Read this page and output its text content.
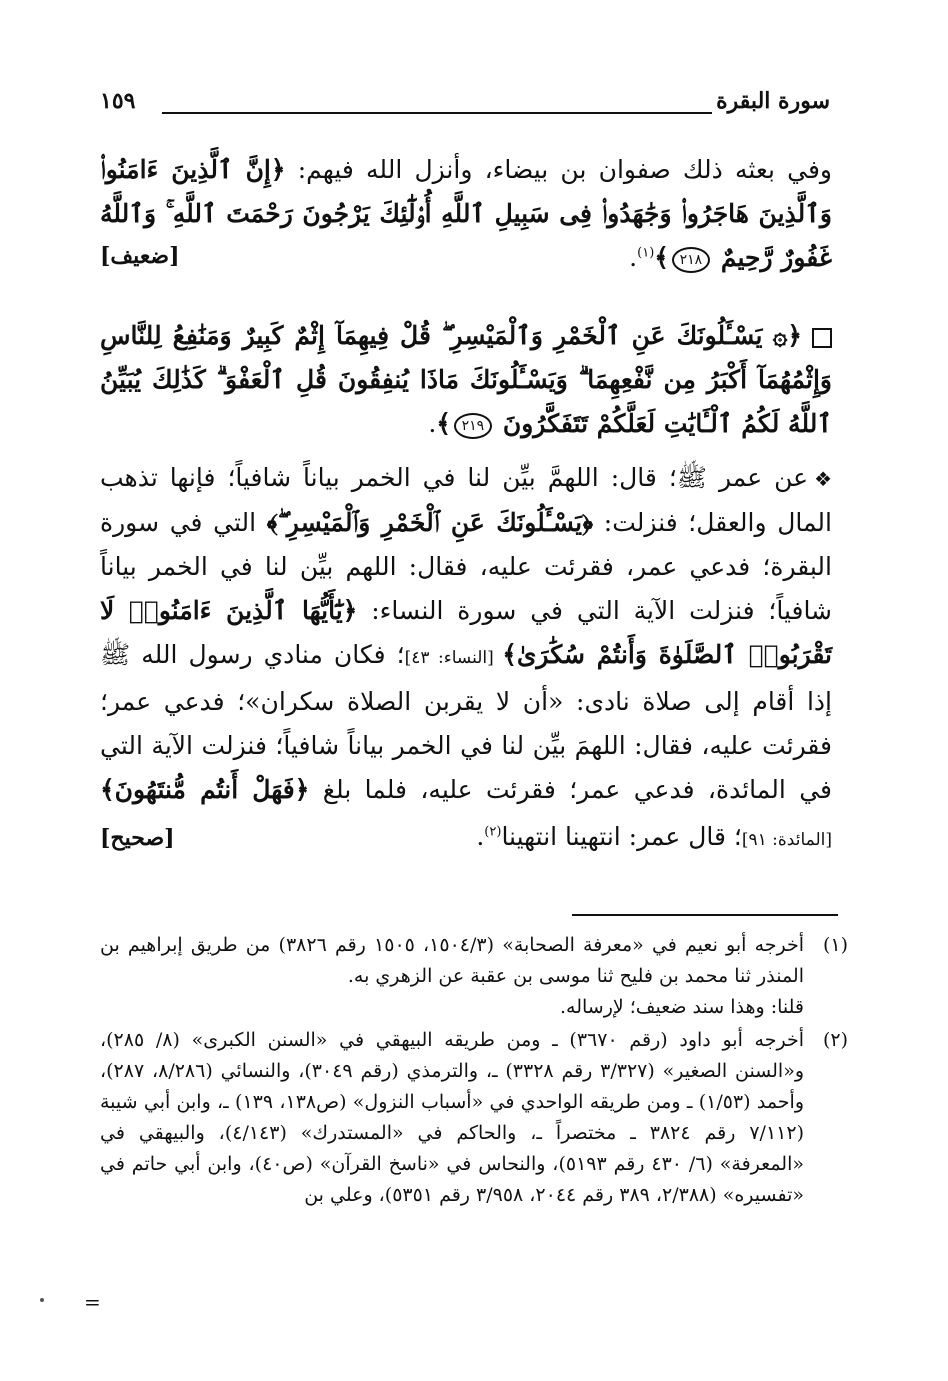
سورة البقرة
١٥٩
وفي بعثه ذلك صفوان بن بيضاء، وأنزل الله فيهم: ﴿إِنَّ ٱلَّذِينَ ءَامَنُوا۟ وَٱلَّذِينَ هَاجَرُوا۟ وَجَٰهَدُوا۟ فِى سَبِيلِ ٱللَّهِ أُو۟لَٰٓئِكَ يَرْجُونَ رَحْمَتَ ٱللَّهِ ۚ وَٱللَّهُ غَفُورٌ رَّحِيمٌ ٢١٨﴾$^{(١)}$.
[ضعيف]
﴿۞ يَسْـَٔلُونَكَ عَنِ ٱلْخَمْرِ وَٱلْمَيْسِرِ ۖ قُلْ فِيهِمَآ إِثْمٌ كَبِيرٌ وَمَنَٰفِعُ لِلنَّاسِ وَإِثْمُهُمَآ أَكْبَرُ مِن نَّفْعِهِمَا ۗ وَيَسْـَٔلُونَكَ مَاذَا يُنفِقُونَ قُلِ ٱلْعَفْوَ ۗ كَذَٰلِكَ يُبَيِّنُ ٱللَّهُ لَكُمُ ٱلْـَٔايَٰتِ لَعَلَّكُمْ تَتَفَكَّرُونَ ٢١٩﴾.
❖عن عمر ﷺ؛ قال: اللهمَّ بيِّن لنا في الخمر بياناً شافياً؛ فإنها تذهب المال والعقل؛ فنزلت: ﴿يَسْـَٔلُونَكَ عَنِ ٱلْخَمْرِ وَٱلْمَيْسِرِ ۖ﴾ التي في سورة البقرة؛ فدعي عمر، فقرئت عليه، فقال: اللهم بيِّن لنا في الخمر بياناً شافياً؛ فنزلت الآية التي في سورة النساء: ﴿يَٰٓأَيُّهَا ٱلَّذِينَ ءَامَنُوا۟ لَا تَقْرَبُوا۟ ٱلصَّلَوٰةَ وَأَنتُمْ سُكَٰرَىٰ﴾ [النساء: ٤٣]؛ فكان منادي رسول الله ﷺ إذا أقام إلى صلاة نادى: «أن لا يقربن الصلاة سكران»؛ فدعي عمر؛ فقرئت عليه، فقال: اللهمَ بيِّن لنا في الخمر بياناً شافياً؛ فنزلت الآية التي في المائدة، فدعي عمر؛ فقرئت عليه، فلما بلغ ﴿فَهَلْ أَنتُم مُّنتَهُونَ﴾ [المائدة: ٩١]؛ قال عمر: انتهينا انتهينا$^{(٢)}$.
[صحيح]
(١)
أخرجه أبو نعيم في «معرفة الصحابة» (١٥٠٤/٣، ١٥٠٥ رقم ٣٨٢٦) من طريق إبراهيم بن المنذر ثنا محمد بن فليح ثنا موسى بن عقبة عن الزهري به.
قلنا: وهذا سند ضعيف؛ لإرساله.
(٢)
أخرجه أبو داود (رقم ٣٦٧٠) ـ ومن طريقه البيهقي في «السنن الكبرى» (٨/ ٢٨٥)، و«السنن الصغير» (٣/٣٢٧ رقم ٣٣٢٨) ـ، والترمذي (رقم ٣٠٤٩)، والنسائي (٨/٢٨٦، ٢٨٧)، وأحمد (١/٥٣) ـ ومن طريقه الواحدي في «أسباب النزول» (ص١٣٨، ١٣٩) ـ، وابن أبي شيبة (٧/١١٢ رقم ٣٨٢٤ ـ مختصراً ـ، والحاكم في «المستدرك» (٤/١٤٣)، والبيهقي في «المعرفة» (٦/ ٤٣٠ رقم ٥١٩٣)، والنحاس في «ناسخ القرآن» (ص٤٠)، وابن أبي حاتم في «تفسيره» (٢/٣٨٨، ٣٨٩ رقم ٢٠٤٤، ٣/٩٥٨ رقم ٥٣٥١)، وعلي بن
=
